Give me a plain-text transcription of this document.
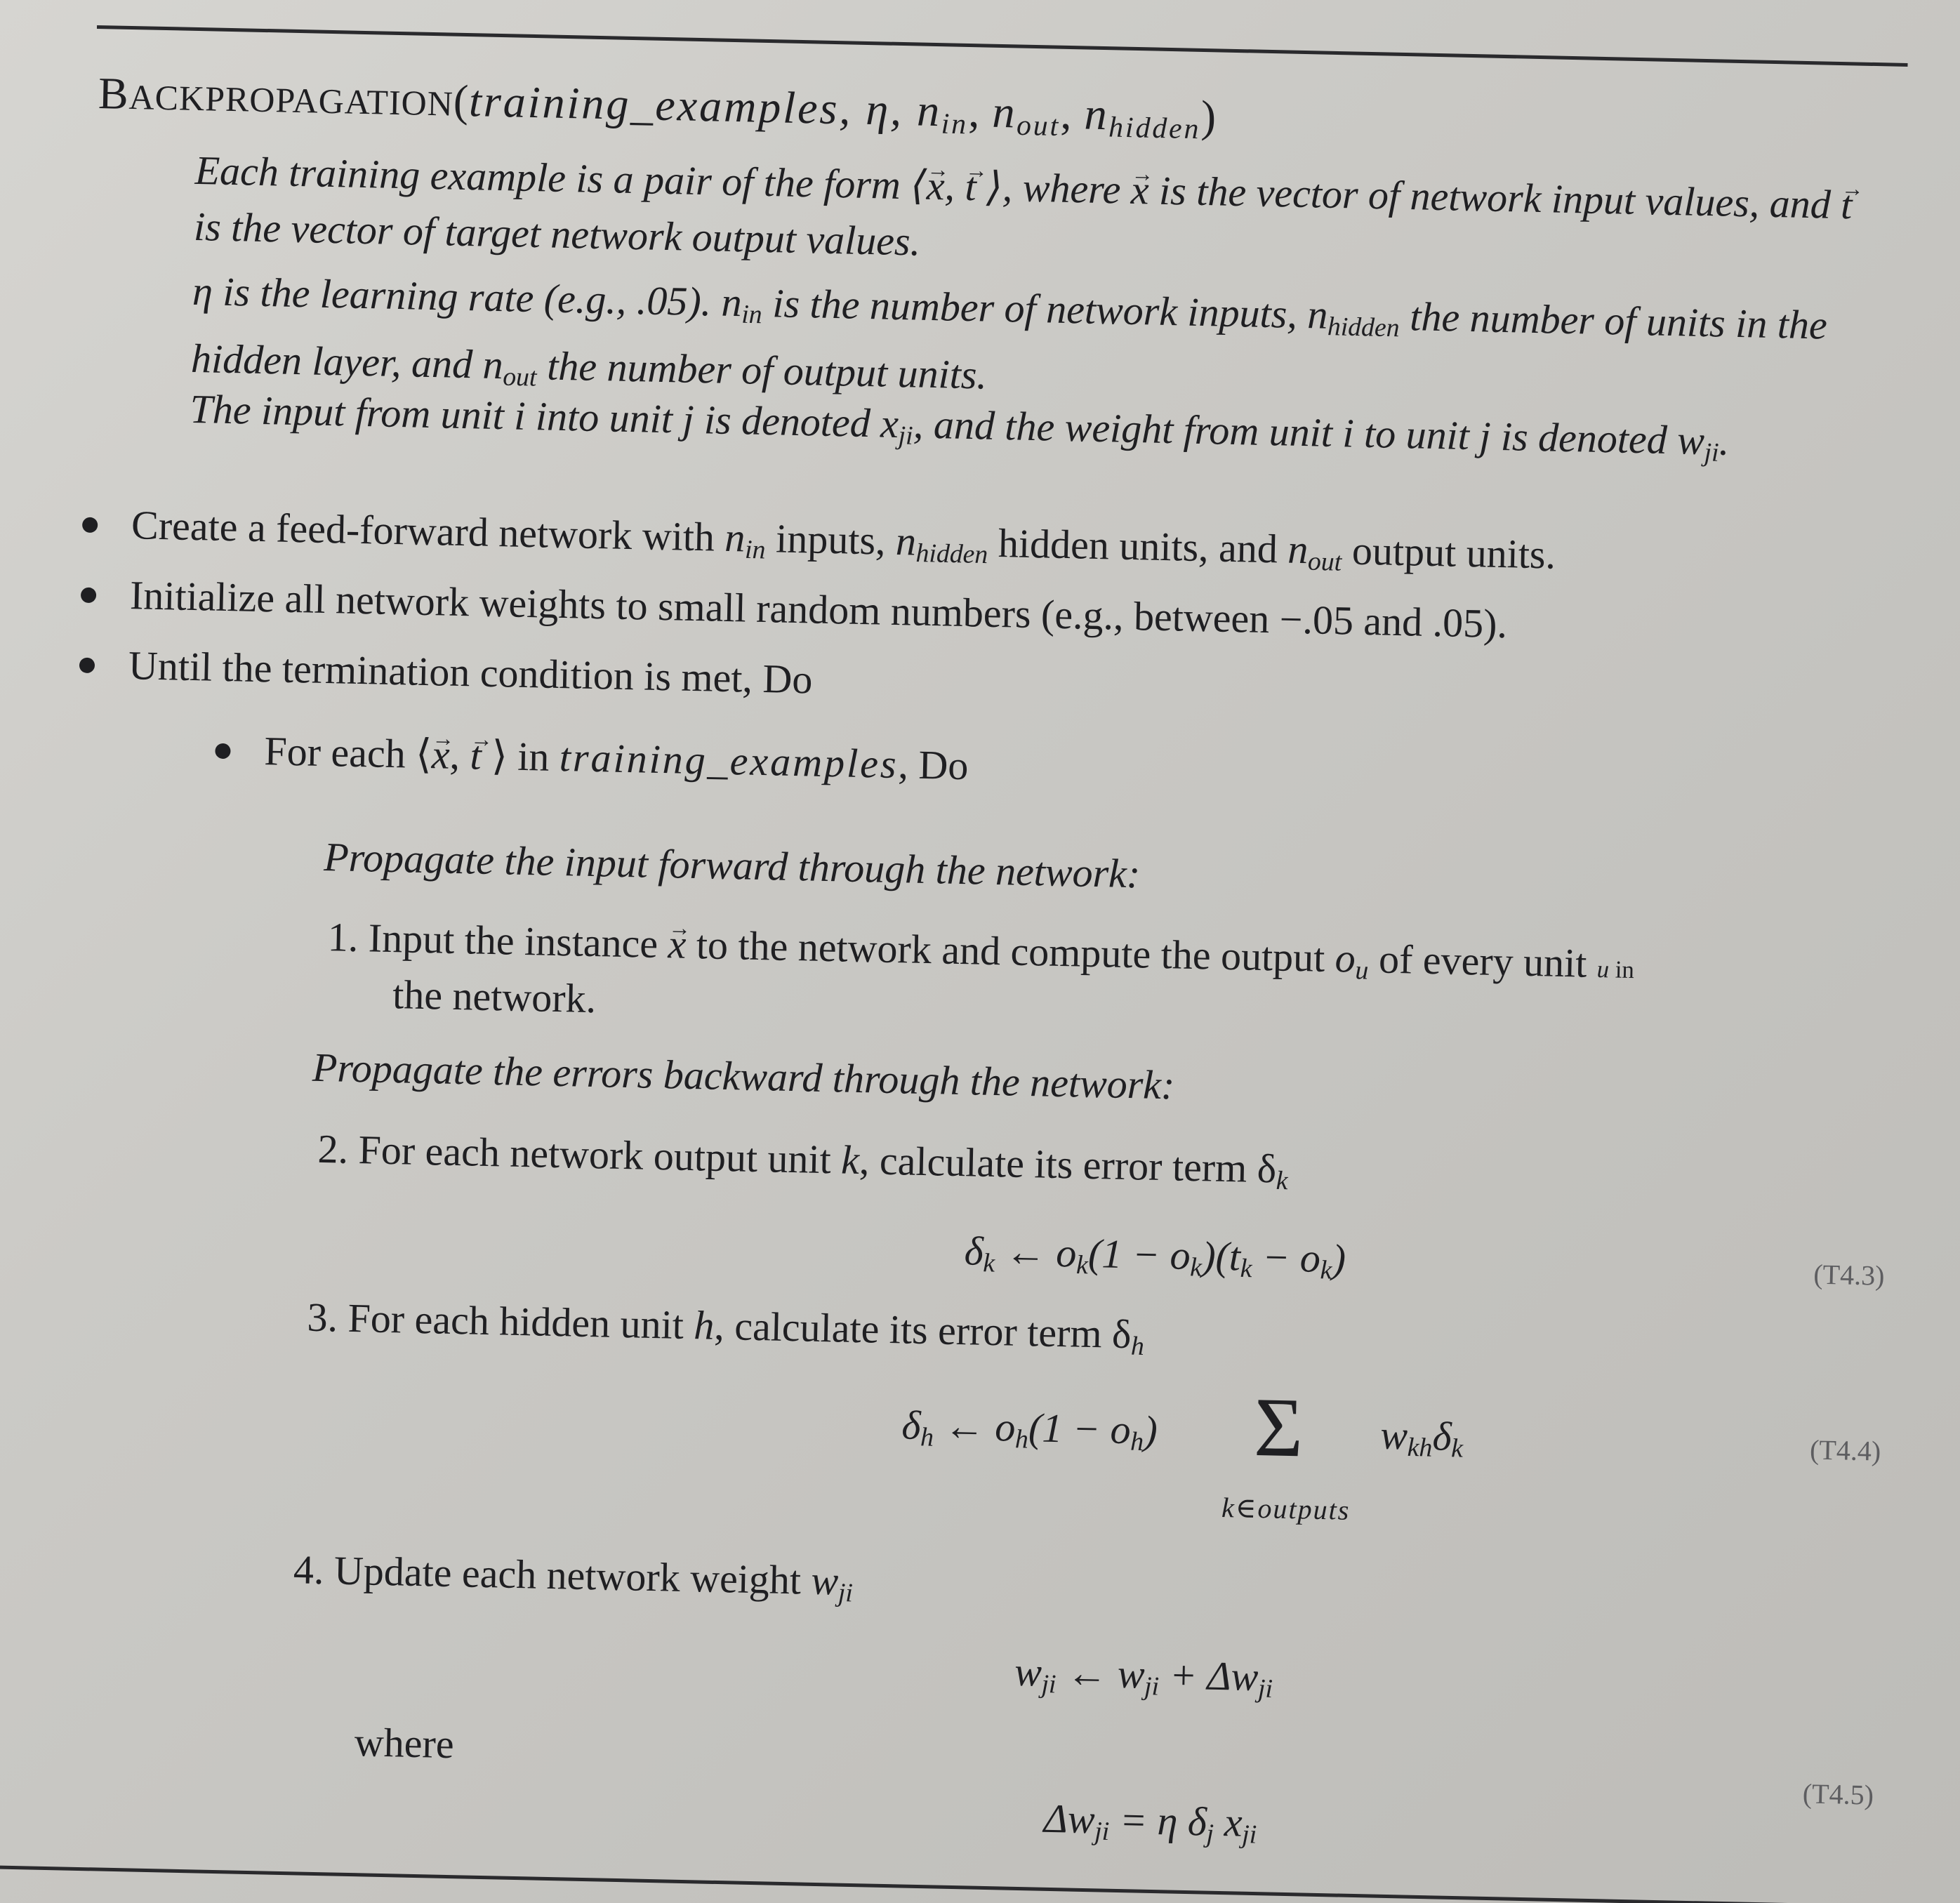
BACKPROPAGATION(training_examples, η, $n_{in}$, $n_{out}$, $n_{hidden}$)
Each training example is a pair of the form ⟨x →, t → ⟩, where x → is the vector of network input values, and t → is the vector of target network output values.
η is the learning rate (e.g., .05). $n_{in}$ is the number of network inputs, $n_{hidden}$ the number of units in the hidden layer, and $n_{out}$ the number of output units.
The input from unit i into unit j is denoted $x_{ji}$, and the weight from unit i to unit j is denoted $w_{ji}$.
Create a feed-forward network with $n_{in}$ inputs, $n_{hidden}$ hidden units, and $n_{out}$ output units.
Initialize all network weights to small random numbers (e.g., between −.05 and .05).
Until the termination condition is met, Do
For each ⟨x →, t → ⟩ in training_examples, Do
Propagate the input forward through the network:
1. Input the instance x → to the network and compute the output $o_u$ of every unit u in
the network.
Propagate the errors backward through the network:
2. For each network output unit k, calculate its error term $\delta_k$
$\delta_k$ ← $o_k(1 - o_k)(t_k - o_k)$	(T4.3)
3. For each hidden unit h, calculate its error term $\delta_h$
$\delta_h$ ← $o_h(1 - o_h)$ Σ $w_{kh}\delta_k$
k∈outputs
(T4.4)
4. Update each network weight $w_{ji}$
$w_{ji}$ ← $w_{ji} + \Delta w_{ji}$
where
$\Delta w_{ji} = \eta$ $\delta_j$ $x_{ji}$
(T4.5)
